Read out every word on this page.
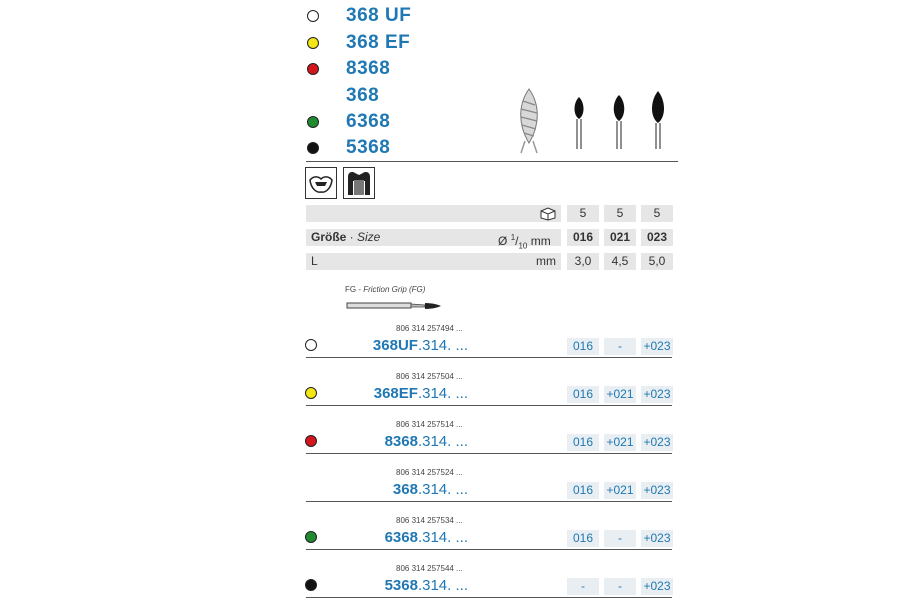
368 UF
368 EF
8368
368
6368
5368
5	5	5
Größe · Size	Ø $^1/_{10}$ mm	016	021	023
L	mm	3,0	4,5	5,0
FG - Friction Grip (FG)
806 314 257494 ...
368UF.314. ...	016	-	+023
806 314 257504 ...
368EF.314. ...	016	+021 +023
806 314 257514 ...
8368.314. ...	016	+021 +023
806 314 257524 ...
368.314. ...	016	+021 +023
806 314 257534 ...
6368.314. ...	016	-	+023
806 314 257544 ...
5368.314. ...	-	-	+023
